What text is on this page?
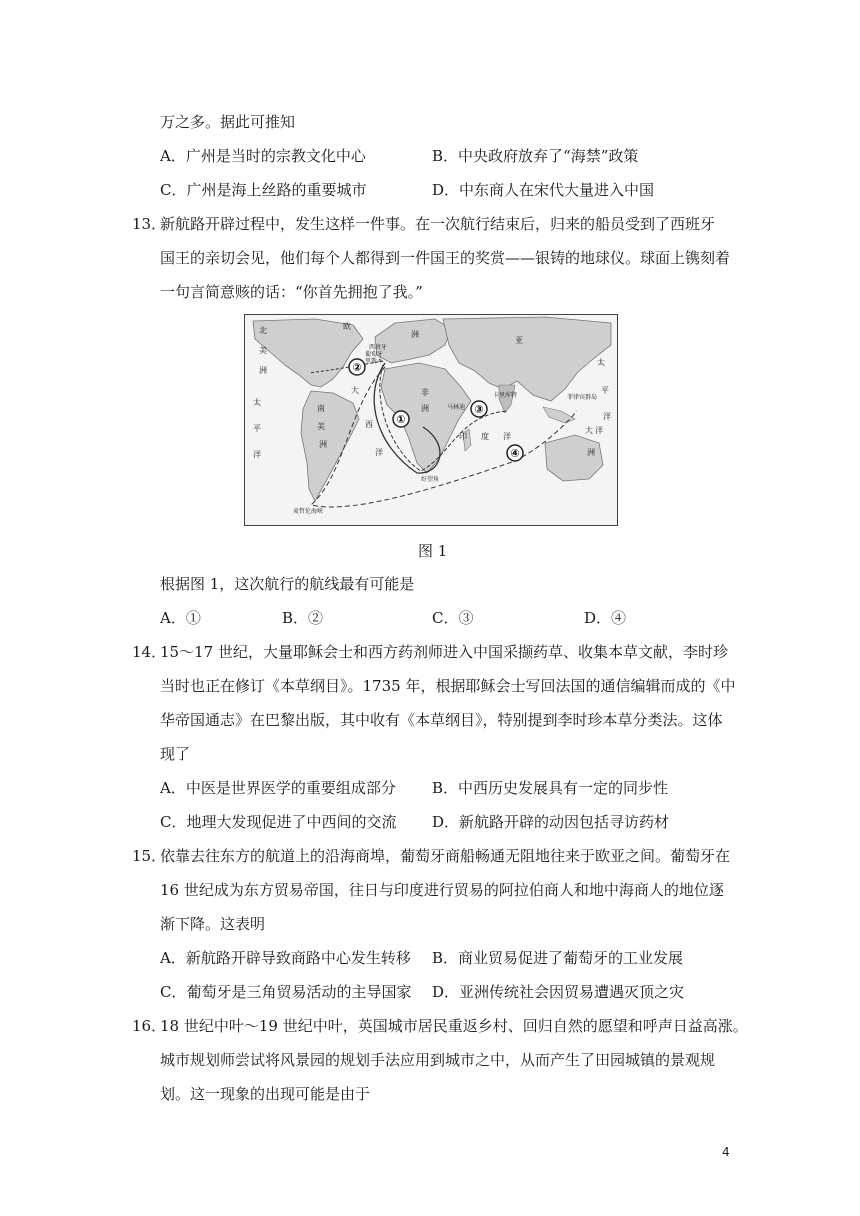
万之多。据此可推知
A．广州是当时的宗教文化中心	B．中央政府放弃了“海禁”政策
C．广州是海上丝路的重要城市	D．中东商人在宋代大量进入中国
13．
新航路开辟过程中，发生这样一件事。在一次航行结束后，归来的船员受到了西班牙
国王的亲切会见，他们每个人都得到一件国王的奖赏——银铸的地球仪。球面上镌刻着
一句言简意赅的话：“你首先拥抱了我。”
①
②
③
④
北
美
洲
太
平
洋
欧
洲
亚
非
洲
印 度 洋
南
美
洲
大
西
洋
大 洋
洲
太
平
洋
西班牙
葡萄牙
里斯本
马林迪
卡里库特
好望角
麦哲伦海峡
菲律宾群岛
图 1
根据图 1，这次航行的航线最有可能是
A．①	B．②	C．③	D．④
14．
15～17 世纪，大量耶稣会士和西方药剂师进入中国采撷药草、收集本草文献，李时珍
当时也正在修订《本草纲目》。1735 年，根据耶稣会士写回法国的通信编辑而成的《中
华帝国通志》在巴黎出版，其中收有《本草纲目》，特别提到李时珍本草分类法。这体
现了
A．中医是世界医学的重要组成部分 B．中西历史发展具有一定的同步性
C．地理大发现促进了中西间的交流 D．新航路开辟的动因包括寻访药材
15．
依靠去往东方的航道上的沿海商埠，葡萄牙商船畅通无阻地往来于欧亚之间。葡萄牙在
16 世纪成为东方贸易帝国，往日与印度进行贸易的阿拉伯商人和地中海商人的地位逐
渐下降。这表明
A．新航路开辟导致商路中心发生转移 B．商业贸易促进了葡萄牙的工业发展
C．葡萄牙是三角贸易活动的主导国家 D．亚洲传统社会因贸易遭遇灭顶之灾
16．
18 世纪中叶～19 世纪中叶，英国城市居民重返乡村、回归自然的愿望和呼声日益高涨。
城市规划师尝试将风景园的规划手法应用到城市之中，从而产生了田园城镇的景观规
划。这一现象的出现可能是由于
4
